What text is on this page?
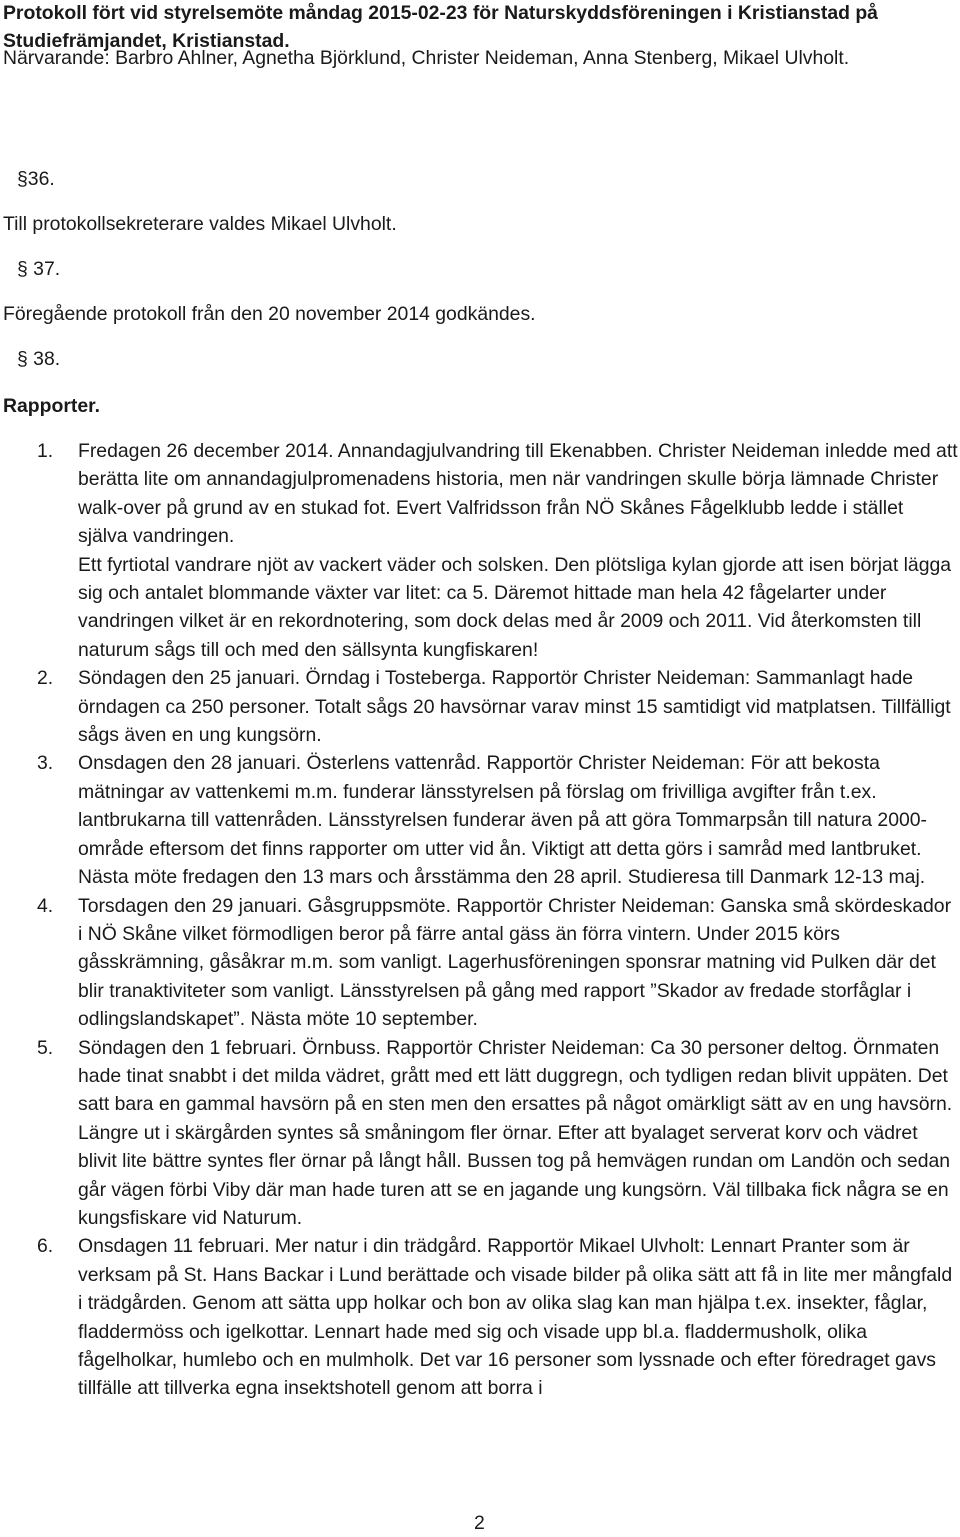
Protokoll fört vid styrelsemöte måndag 2015-02-23 för Naturskyddsföreningen i Kristianstad på Studiefrämjandet, Kristianstad.

Närvarande: Barbro Ahlner, Agnetha Björklund, Christer Neideman, Anna Stenberg, Mikael Ulvholt.

§36.

Till protokollsekreterare valdes Mikael Ulvholt.

§ 37.

Föregående protokoll från den 20 november 2014 godkändes.

§ 38.

Rapporter.

1. Fredagen 26 december 2014. Annandagjulvandring till Ekenabben. Christer Neideman inledde med att berätta lite om annandagjulpromenadens historia, men när vandringen skulle börja lämnade Christer walk-over på grund av en stukad fot. Evert Valfridsson från NÖ Skånes Fågelklubb ledde i stället själva vandringen.
Ett fyrtiotal vandrare njöt av vackert väder och solsken. Den plötsliga kylan gjorde att isen börjat lägga sig och antalet blommande växter var litet: ca 5. Däremot hittade man hela 42 fågelarter under vandringen vilket är en rekordnotering, som dock delas med år 2009 och 2011. Vid återkomsten till naturum sågs till och med den sällsynta kungfiskaren!
2. Söndagen den 25 januari. Örndag i Tosteberga. Rapportör Christer Neideman: Sammanlagt hade örndagen ca 250 personer. Totalt sågs 20 havsörnar varav minst 15 samtidigt vid matplatsen. Tillfälligt sågs även en ung kungsörn.
3. Onsdagen den 28 januari. Österlens vattenråd. Rapportör Christer Neideman: För att bekosta mätningar av vattenkemi m.m. funderar länsstyrelsen på förslag om frivilliga avgifter från t.ex. lantbrukarna till vattenråden. Länsstyrelsen funderar även på att göra Tommarpsån till natura 2000-område eftersom det finns rapporter om utter vid ån. Viktigt att detta görs i samråd med lantbruket. Nästa möte fredagen den 13 mars och årsstämma den 28 april. Studieresa till Danmark 12-13 maj.
4. Torsdagen den 29 januari. Gåsgruppsmöte. Rapportör Christer Neideman: Ganska små skördeskador i NÖ Skåne vilket förmodligen beror på färre antal gäss än förra vintern. Under 2015 körs gåsskrämning, gåsåkrar m.m. som vanligt. Lagerhusföreningen sponsrar matning vid Pulken där det blir tranaktiviteter som vanligt. Länsstyrelsen på gång med rapport ”Skador av fredade storfåglar i odlingslandskapet”. Nästa möte 10 september.
5. Söndagen den 1 februari. Örnbuss. Rapportör Christer Neideman: Ca 30 personer deltog. Örnmaten hade tinat snabbt i det milda vädret, grått med ett lätt duggregn, och tydligen redan blivit uppäten. Det satt bara en gammal havsörn på en sten men den ersattes på något omärkligt sätt av en ung havsörn. Längre ut i skärgården syntes så småningom fler örnar. Efter att byalaget serverat korv och vädret blivit lite bättre syntes fler örnar på långt håll. Bussen tog på hemvägen rundan om Landön och sedan går vägen förbi Viby där man hade turen att se en jagande ung kungsörn. Väl tillbaka fick några se en kungsfiskare vid Naturum.
6. Onsdagen 11 februari. Mer natur i din trädgård. Rapportör Mikael Ulvholt: Lennart Pranter som är verksam på St. Hans Backar i Lund berättade och visade bilder på olika sätt att få in lite mer mångfald i trädgården. Genom att sätta upp holkar och bon av olika slag kan man hjälpa t.ex. insekter, fåglar, fladdermöss och igelkottar. Lennart hade med sig och visade upp bl.a. fladdermusholk, olika fågelholkar, humlebo och en mulmholk. Det var 16 personer som lyssnade och efter föredraget gavs tillfälle att tillverka egna insektshotell genom att borra i
2
